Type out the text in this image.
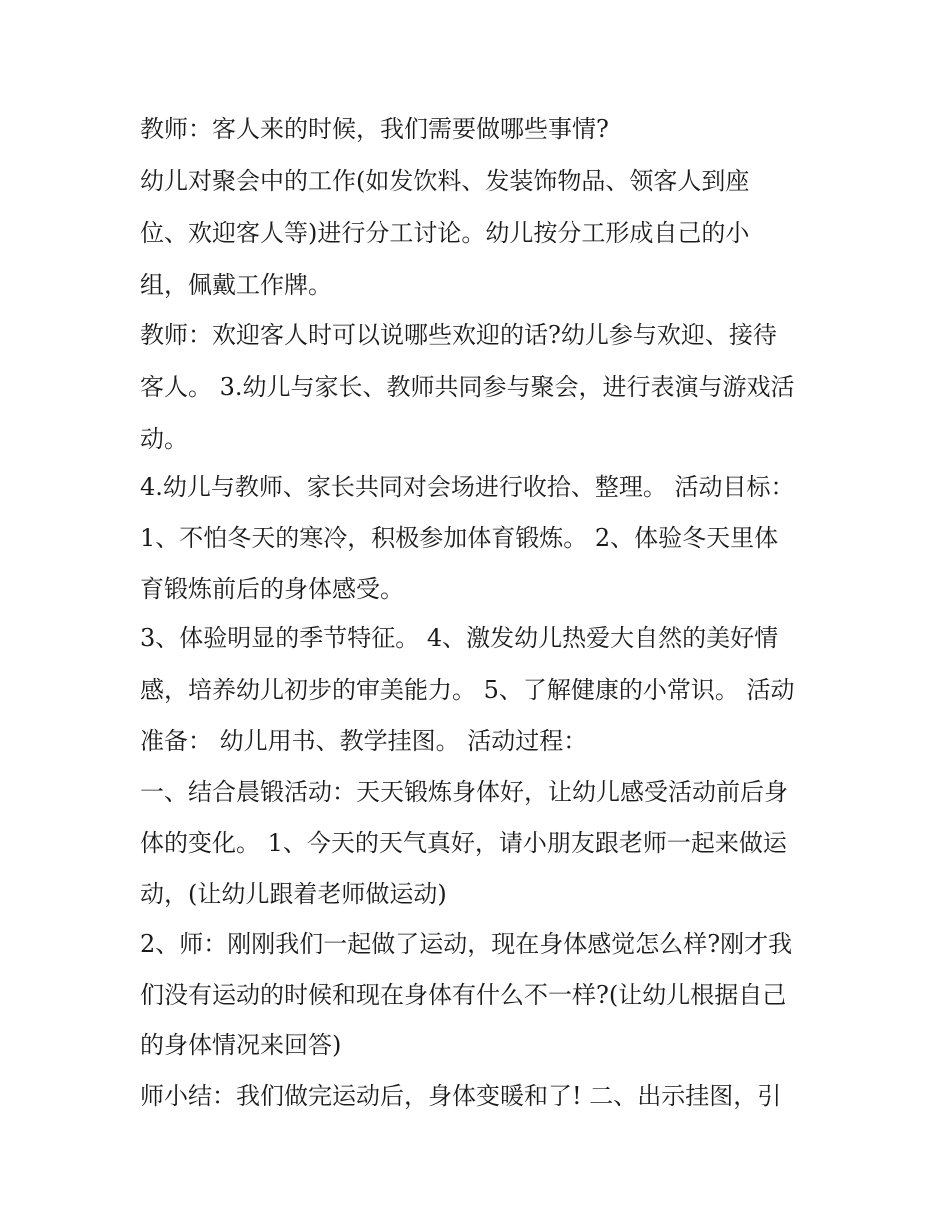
教师：客人来的时候，我们需要做哪些事情?
幼儿对聚会中的工作(如发饮料、发装饰物品、领客人到座
位、欢迎客人等)进行分工讨论。幼儿按分工形成自己的小
组，佩戴工作牌。
教师：欢迎客人时可以说哪些欢迎的话?幼儿参与欢迎、接待
客人。 3.幼儿与家长、教师共同参与聚会，进行表演与游戏活
动。
4.幼儿与教师、家长共同对会场进行收拾、整理。 活动目标：
1、不怕冬天的寒冷，积极参加体育锻炼。 2、体验冬天里体
育锻炼前后的身体感受。
3、体验明显的季节特征。 4、激发幼儿热爱大自然的美好情
感，培养幼儿初步的审美能力。 5、了解健康的小常识。 活动
准备： 幼儿用书、教学挂图。 活动过程：
一、结合晨锻活动：天天锻炼身体好，让幼儿感受活动前后身
体的变化。 1、今天的天气真好，请小朋友跟老师一起来做运
动，(让幼儿跟着老师做运动)
2、师：刚刚我们一起做了运动，现在身体感觉怎么样?刚才我
们没有运动的时候和现在身体有什么不一样?(让幼儿根据自己
的身体情况来回答)
师小结：我们做完运动后，身体变暖和了! 二、出示挂图，引
